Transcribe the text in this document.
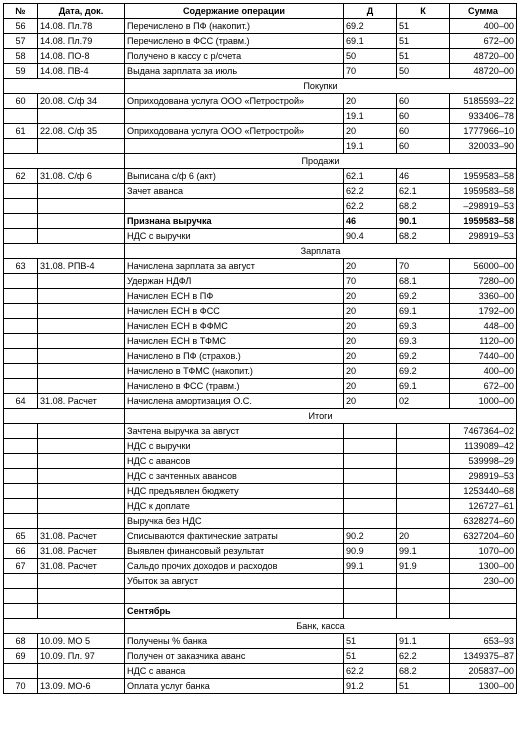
№	Дата, док.	Содержание операции	Д	К	Сумма
56	14.08. Пл.78	Перечислено в ПФ (накопит.)	69.2	51	400–00
57	14.08. Пл.79	Перечислено в ФСС (травм.)	69.1	51	672–00
58	14.08. ПО-8	Получено в кассу с р/счета	50	51	48720–00
59	14.08. ПВ-4	Выдана зарплата за июль	70	50	48720–00
		Покупки			
60	20.08. С/ф 34	Оприходована услуга ООО «Петрострой»	20	60	5185593–22
			19.1	60	933406–78
61	22.08. С/ф 35	Оприходована услуга ООО «Петрострой»	20	60	1777966–10
			19.1	60	320033–90
		Продажи			
62	31.08. С/ф 6	Выписана с/ф 6 (акт)	62.1	46	1959583–58
		Зачет аванса	62.2	62.1	1959583–58
			62.2	68.2	–298919–53
		Признана выручка	46	90.1	1959583–58
		НДС с выручки	90.4	68.2	298919–53
		Зарплата			
63	31.08. РПВ-4	Начислена зарплата за август	20	70	56000–00
		Удержан НДФЛ	70	68.1	7280–00
		Начислен ЕСН в ПФ	20	69.2	3360–00
		Начислен ЕСН в ФСС	20	69.1	1792–00
		Начислен ЕСН в ФФМС	20	69.3	448–00
		Начислен ЕСН в ТФМС	20	69.3	1120–00
		Начислено в ПФ (страхов.)	20	69.2	7440–00
		Начислено в ТФМС (накопит.)	20	69.2	400–00
		Начислено в ФСС (травм.)	20	69.1	672–00
64	31.08. Расчет	Начислена амортизация О.С.	20	02	1000–00
		Итоги			
		Зачтена выручка за август			7467364–02
		НДС с выручки			1139089–42
		НДС с авансов			539998–29
		НДС с зачтенных авансов			298919–53
		НДС предъявлен бюджету			1253440–68
		НДС к доплате			126727–61
		Выручка без НДС			6328274–60
65	31.08. Расчет	Списываются фактические затраты	90.2	20	6327204–60
66	31.08. Расчет	Выявлен финансовый результат	90.9	99.1	1070–00
67	31.08. Расчет	Сальдо прочих доходов и расходов	99.1	91.9	1300–00
		Убыток за август			230–00

		Сентябрь			
		Банк, касса			
68	10.09. МО 5	Получены % банка	51	91.1	653–93
69	10.09. Пл. 97	Получен от заказчика аванс	51	62.2	1349375–87
		НДС с аванса	62.2	68.2	205837–00
70	13.09. МО-6	Оплата услуг банка	91.2	51	1300–00
